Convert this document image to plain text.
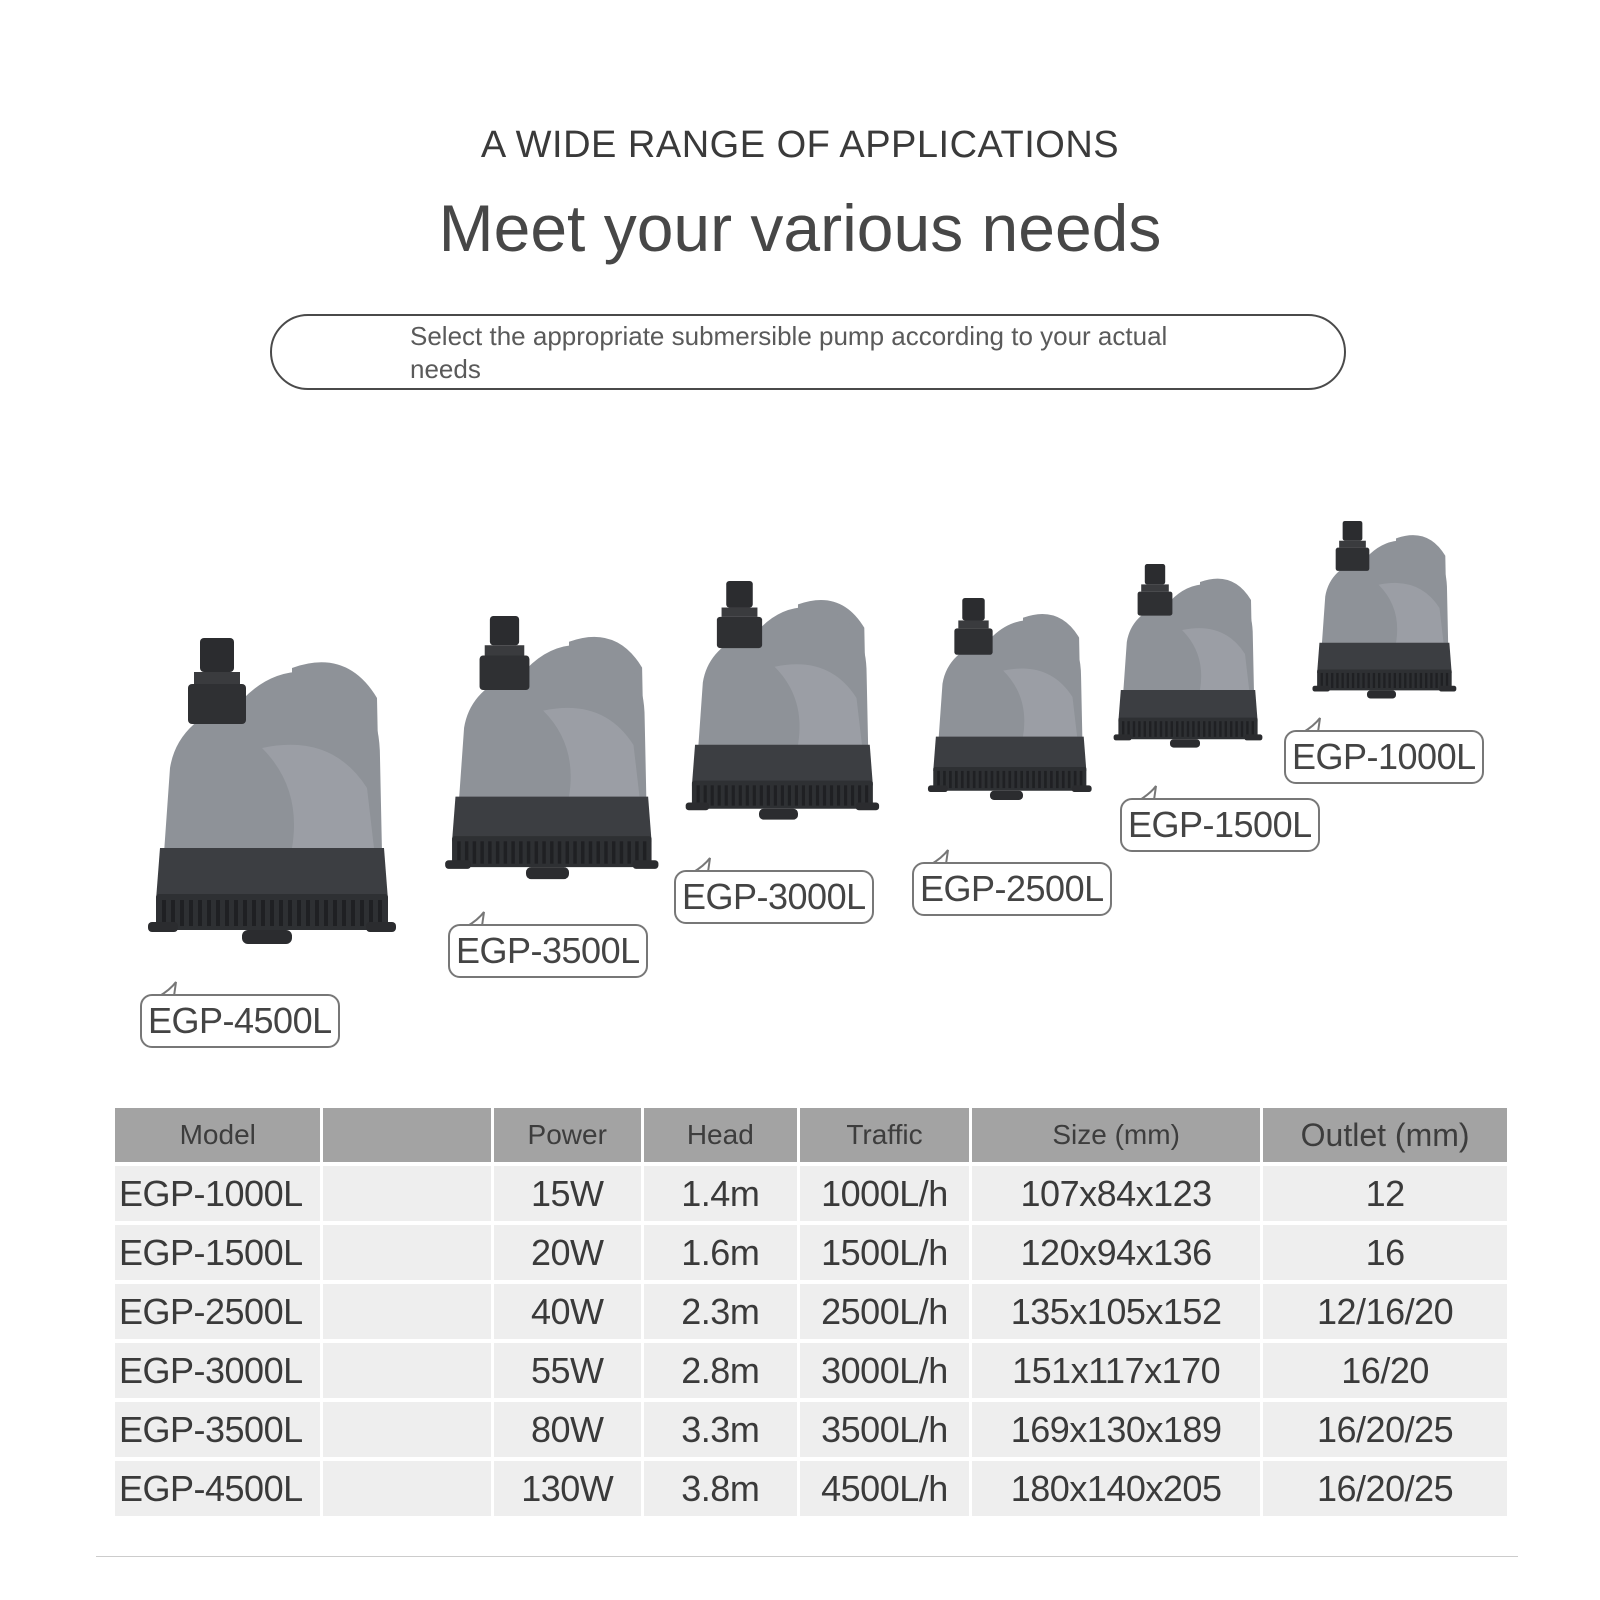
A WIDE RANGE OF APPLICATIONS
Meet your various needs
Select the appropriate submersible pump according to your actual needs
EGP-4500L
EGP-3500L
EGP-3000L EGP-2500L
EGP-1500L
EGP-1000L
Model		Power	Head	Traffic	Size (mm)	Outlet (mm)
EGP-1000L		15W	1.4m	1000L/h	107x84x123	12
EGP-1500L		20W	1.6m	1500L/h	120x94x136	16
EGP-2500L		40W	2.3m	2500L/h	135x105x152	12/16/20
EGP-3000L		55W	2.8m	3000L/h	151x117x170	16/20
EGP-3500L		80W	3.3m	3500L/h	169x130x189	16/20/25
EGP-4500L		130W	3.8m	4500L/h	180x140x205	16/20/25
